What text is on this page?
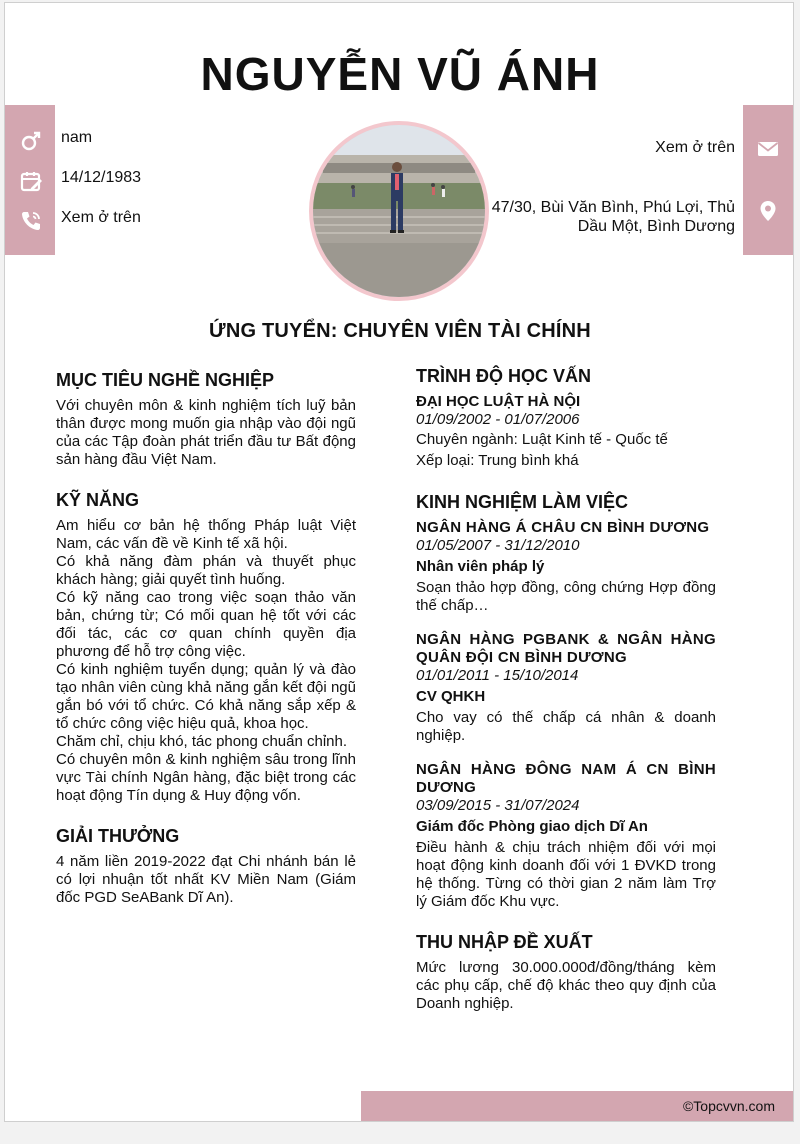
NGUYỄN VŨ ÁNH
nam
14/12/1983
Xem ở trên
Xem ở trên
47/30, Bùi Văn Bình, Phú Lợi, Thủ Dầu Một, Bình Dương
ỨNG TUYỂN: CHUYÊN VIÊN TÀI CHÍNH
MỤC TIÊU NGHỀ NGHIỆP

Với chuyên môn & kinh nghiệm tích luỹ bản thân được mong muốn gia nhập vào đội ngũ của các Tập đoàn phát triển đầu tư Bất động sản hàng đầu Việt Nam.

KỸ NĂNG

Am hiểu cơ bản hệ thống Pháp luật Việt Nam, các vấn đề về Kinh tế xã hội.

Có khả năng đàm phán và thuyết phục khách hàng; giải quyết tình huống.

Có kỹ năng cao trong việc soạn thảo văn bản, chứng từ; Có mối quan hệ tốt với các đối tác, các cơ quan chính quyền địa phương để hỗ trợ công việc.

Có kinh nghiệm tuyển dụng; quản lý và đào tạo nhân viên cùng khả năng gắn kết đội ngũ gắn bó với tổ chức. Có khả năng sắp xếp & tổ chức công việc hiệu quả, khoa học.

Chăm chỉ, chịu khó, tác phong chuẩn chỉnh.

Có chuyên môn & kinh nghiệm sâu trong lĩnh vực Tài chính Ngân hàng, đặc biệt trong các hoạt động Tín dụng & Huy động vốn.

GIẢI THƯỞNG

4 năm liền 2019-2022 đạt Chi nhánh bán lẻ có lợi nhuận tốt nhất KV Miền Nam (Giám đốc PGD SeABank Dĩ An).

TRÌNH ĐỘ HỌC VẤN

ĐẠI HỌC LUẬT HÀ NỘI

01/09/2002 - 01/07/2006

Chuyên ngành: Luật Kinh tế - Quốc tế

Xếp loại: Trung bình khá

KINH NGHIỆM LÀM VIỆC

NGÂN HÀNG Á CHÂU CN BÌNH DƯƠNG

01/05/2007 - 31/12/2010

Nhân viên pháp lý

Soạn thảo hợp đồng, công chứng Hợp đồng thế chấp…

NGÂN HÀNG PGBANK & NGÂN HÀNG QUÂN ĐỘI CN BÌNH DƯƠNG

01/01/2011 - 15/10/2014

CV QHKH

Cho vay có thế chấp cá nhân & doanh nghiệp.

NGÂN HÀNG ĐÔNG NAM Á CN BÌNH DƯƠNG

03/09/2015 - 31/07/2024

Giám đốc Phòng giao dịch Dĩ An

Điều hành & chịu trách nhiệm đối với mọi hoạt động kinh doanh đối với 1 ĐVKD trong hệ thống. Từng có thời gian 2 năm làm Trợ lý Giám đốc Khu vực.

THU NHẬP ĐỀ XUẤT

Mức lương 30.000.000đ/đồng/tháng kèm các phụ cấp, chế độ khác theo quy định của Doanh nghiệp.

©Topcvvn.com
